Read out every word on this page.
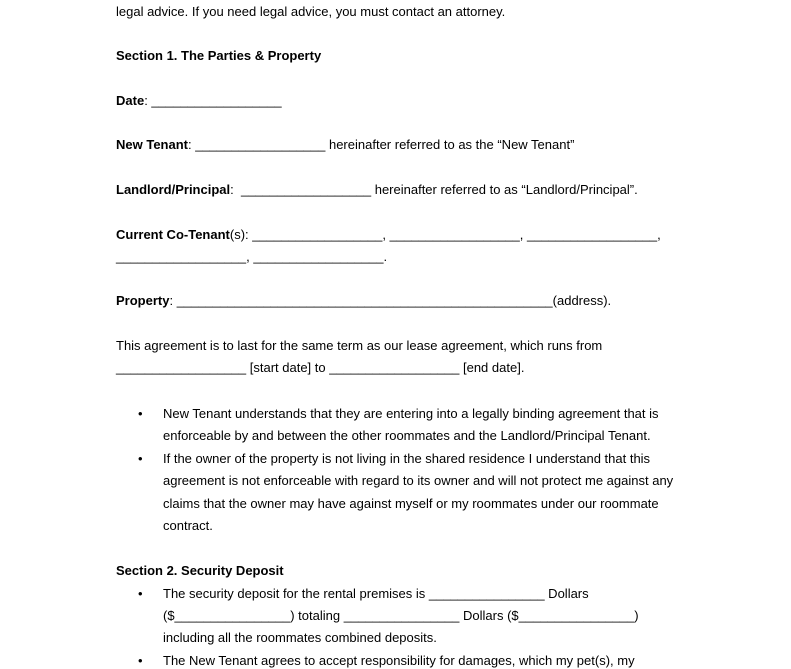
legal advice. If you need legal advice, you must contact an attorney.
Section 1. The Parties & Property
Date: __________________
New Tenant: __________________ hereinafter referred to as the “New Tenant”
Landlord/Principal:  __________________ hereinafter referred to as “Landlord/Principal”.
Current Co-Tenant(s): __________________, __________________, __________________,
__________________, __________________.
Property: ____________________________________________________(address).
This agreement is to last for the same term as our lease agreement, which runs from
__________________ [start date] to __________________ [end date].
• New Tenant understands that they are entering into a legally binding agreement that is
enforceable by and between the other roommates and the Landlord/Principal Tenant.
• If the owner of the property is not living in the shared residence I understand that this
agreement is not enforceable with regard to its owner and will not protect me against any
claims that the owner may have against myself or my roommates under our roommate
contract.
Section 2. Security Deposit
• The security deposit for the rental premises is ________________ Dollars
($________________) totaling ________________ Dollars ($________________)
including all the roommates combined deposits.
• The New Tenant agrees to accept responsibility for damages, which my pet(s), my
